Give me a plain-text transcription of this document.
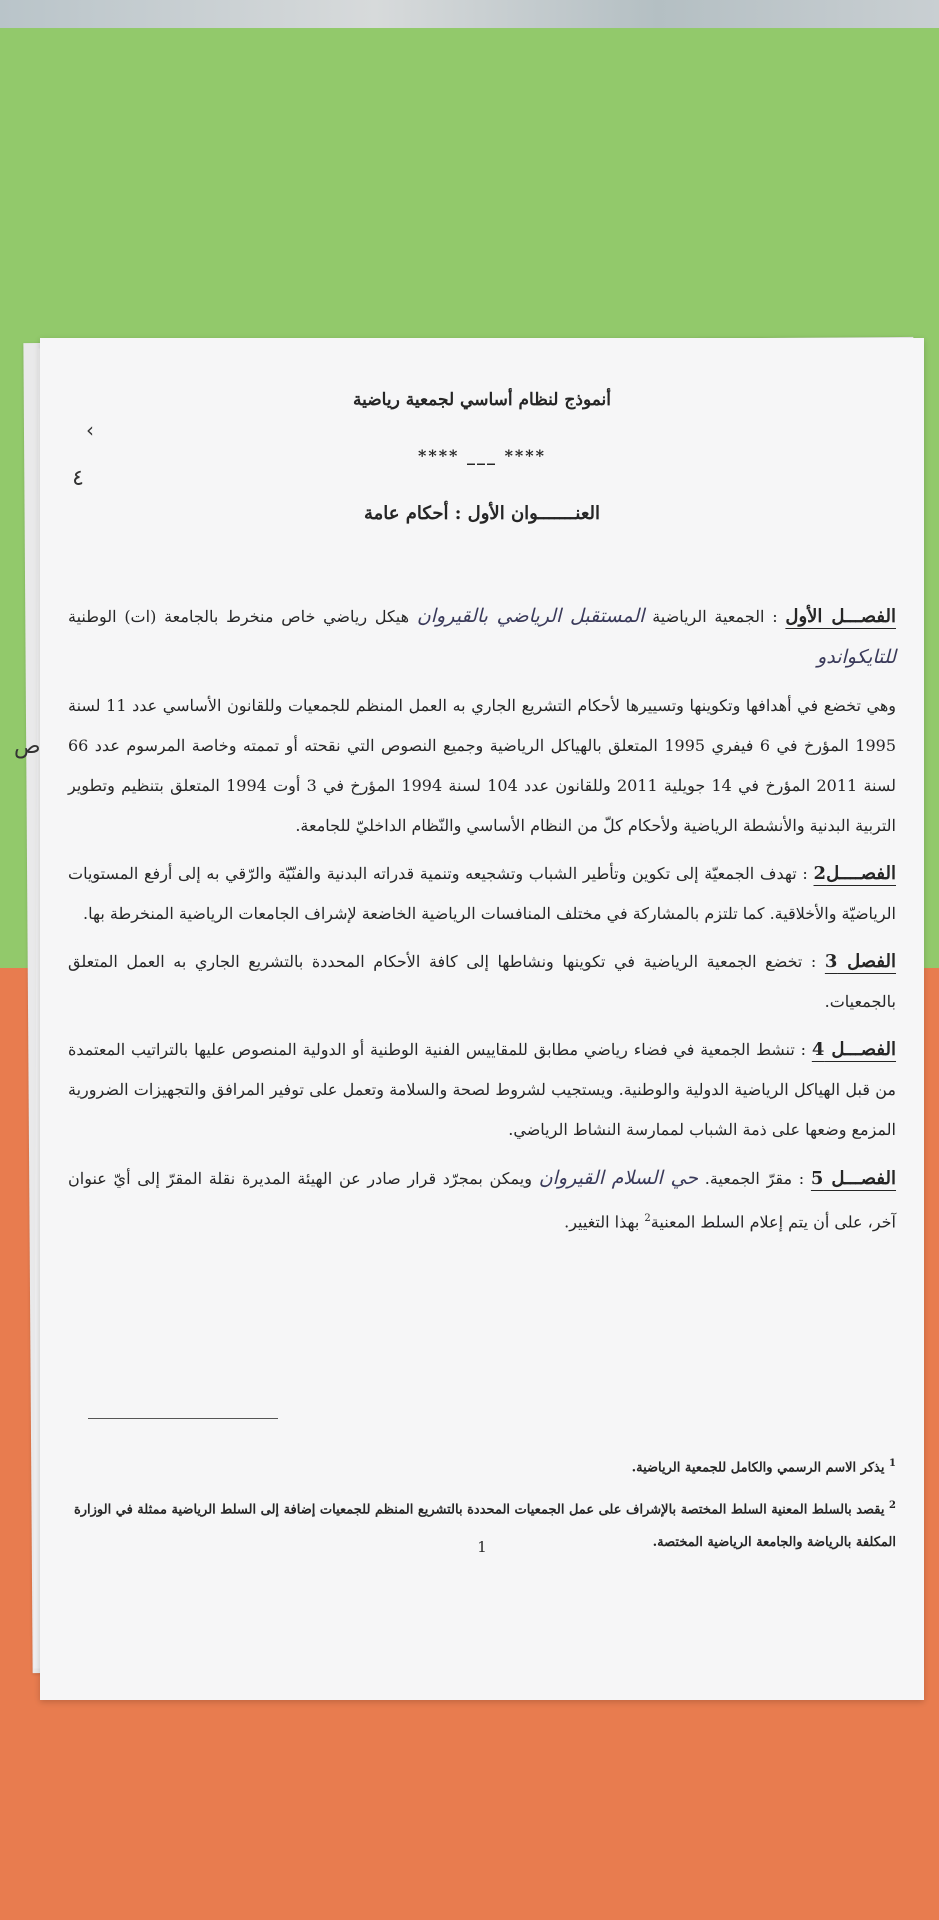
أنموذج لنظام أساسي لجمعية رياضية
**** ___ ****
العنـــــــوان الأول : أحكام عامة
›
٤

الفصـــل الأول : الجمعية الرياضية المستقبل الرياضي بالقيروان هيكل رياضي خاص منخرط بالجامعة (ات) الوطنية للتايكواندو

وهي تخضع في أهدافها وتكوينها وتسييرها لأحكام التشريع الجاري به العمل المنظم للجمعيات وللقانون الأساسي عدد 11 لسنة 1995 المؤرخ في 6 فيفري 1995 المتعلق بالهياكل الرياضية وجميع النصوص التي نقحته أو تممته وخاصة المرسوم عدد 66 لسنة 2011 المؤرخ في 14 جويلية 2011 وللقانون عدد 104 لسنة 1994 المؤرخ في 3 أوت 1994 المتعلق بتنظيم وتطوير التربية البدنية والأنشطة الرياضية ولأحكام كلّ من النظام الأساسي والنّظام الداخليّ للجامعة.

الفصــــل2 : تهدف الجمعيّة إلى تكوين وتأطير الشباب وتشجيعه وتنمية قدراته البدنية والفنّيّة والرّقي به إلى أرفع المستويات الرياضيّة والأخلاقية. كما تلتزم بالمشاركة في مختلف المنافسات الرياضية الخاضعة لإشراف الجامعات الرياضية المنخرطة بها.

الفصل 3 : تخضع الجمعية الرياضية في تكوينها ونشاطها إلى كافة الأحكام المحددة بالتشريع الجاري به العمل المتعلق بالجمعيات.

الفصـــل 4 : تنشط الجمعية في فضاء رياضي مطابق للمقاييس الفنية الوطنية أو الدولية المنصوص عليها بالتراتيب المعتمدة من قبل الهياكل الرياضية الدولية والوطنية. ويستجيب لشروط لصحة والسلامة وتعمل على توفير المرافق والتجهيزات الضرورية المزمع وضعها على ذمة الشباب لممارسة النشاط الرياضي.

الفصـــل 5 : مقرّ الجمعية. حي السلام القيروان ويمكن بمجرّد قرار صادر عن الهيئة المديرة نقلة المقرّ إلى أيّ عنوان آخر، على أن يتم إعلام السلط المعنية$^2$ بهذا التغيير.

ص

$^1$ يذكر الاسم الرسمي والكامل للجمعية الرياضية.

$^2$ يقصد بالسلط المعنية السلط المختصة بالإشراف على عمل الجمعيات المحددة بالتشريع المنظم للجمعيات إضافة إلى السلط الرياضية ممثلة في الوزارة المكلفة بالرياضة والجامعة الرياضية المختصة.

1
